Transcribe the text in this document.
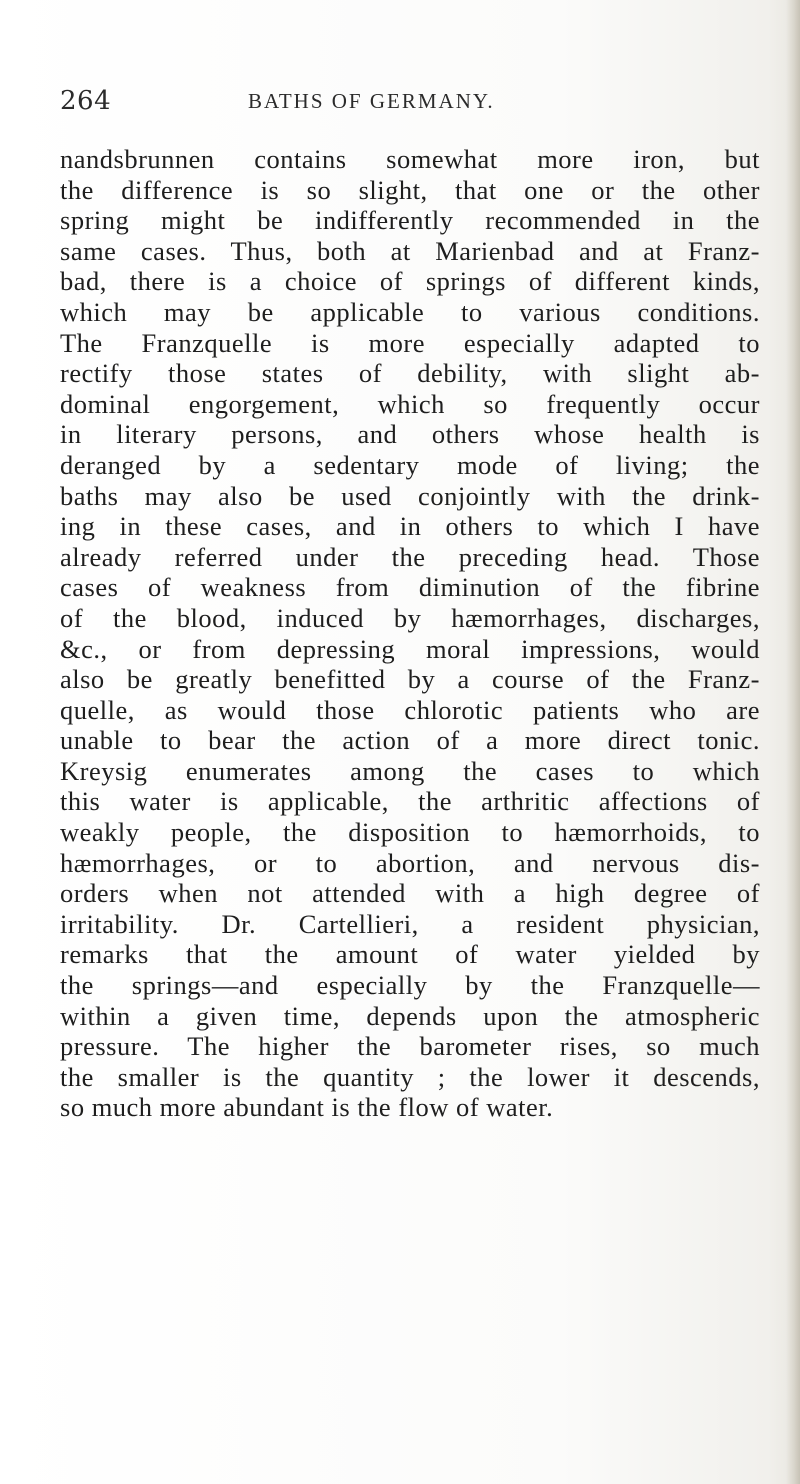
264	BATHS OF GERMANY.
nandsbrunnen contains somewhat more iron, but
the difference is so slight, that one or the other
spring might be indifferently recommended in the
same cases. Thus, both at Marienbad and at Franz-
bad, there is a choice of springs of different kinds,
which may be applicable to various conditions.
The Franzquelle is more especially adapted to
rectify those states of debility, with slight ab-
dominal engorgement, which so frequently occur
in literary persons, and others whose health is
deranged by a sedentary mode of living; the
baths may also be used conjointly with the drink-
ing in these cases, and in others to which I have
already referred under the preceding head. Those
cases of weakness from diminution of the fibrine
of the blood, induced by hæmorrhages, discharges,
&c., or from depressing moral impressions, would
also be greatly benefitted by a course of the Franz-
quelle, as would those chlorotic patients who are
unable to bear the action of a more direct tonic.
Kreysig enumerates among the cases to which
this water is applicable, the arthritic affections of
weakly people, the disposition to hæmorrhoids, to
hæmorrhages, or to abortion, and nervous dis-
orders when not attended with a high degree of
irritability. Dr. Cartellieri, a resident physician,
remarks that the amount of water yielded by
the springs—and especially by the Franzquelle—
within a given time, depends upon the atmospheric
pressure. The higher the barometer rises, so much
the smaller is the quantity ; the lower it descends,
so much more abundant is the flow of water.
